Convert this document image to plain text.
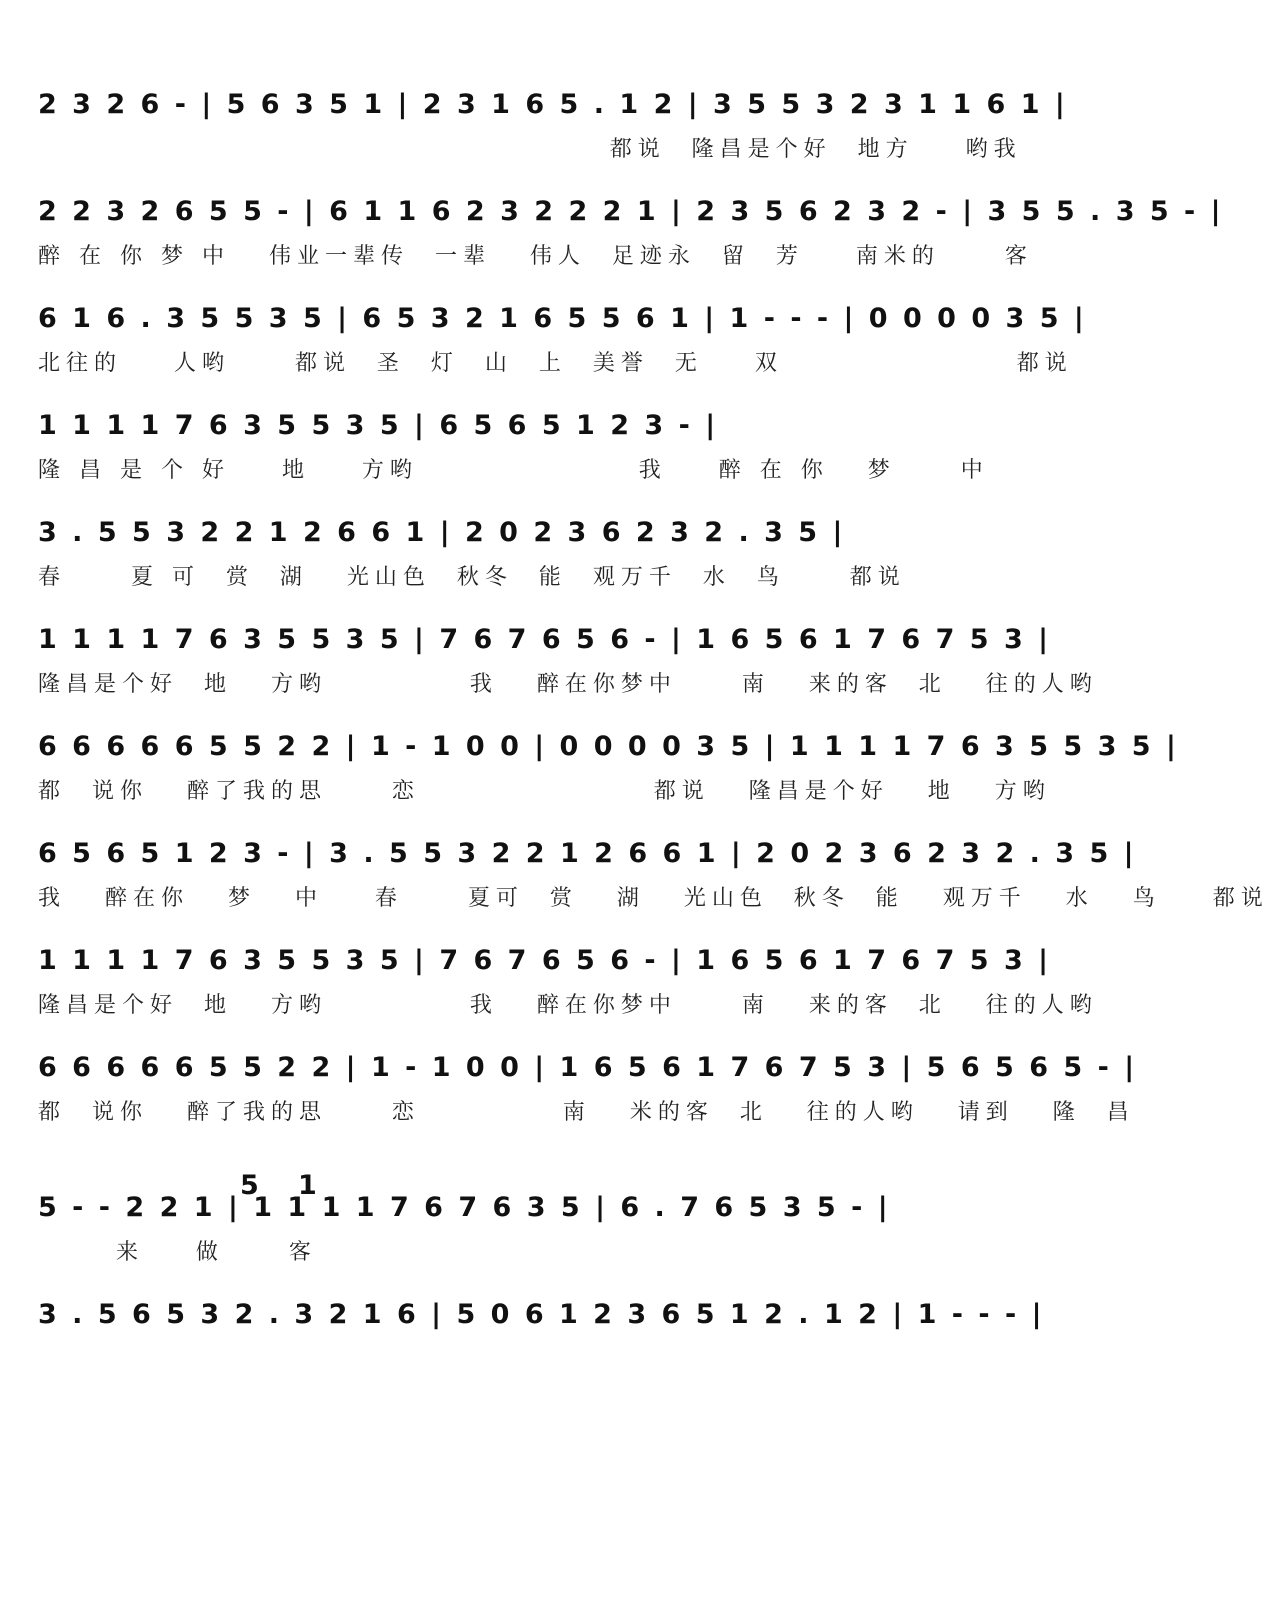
2 3 2 6 - | 5 6 3 5 1 | 2 3 1 6 5 . 1 2 | 3 5 5 3 2 3 1 1 6 1 |
都说  隆昌是个好  地方    哟我
2 2 3 2 6 5 5 - | 6 1 1 6 2 3 2 2 2 1 | 2 3 5 6 2 3 2 - | 3 5 5 . 3 5 - |
醉 在 你 梦 中   伟业一辈传  一辈   伟人  足迹永  留  芳    南米的     客
6 1 6 . 3 5 5 3 5 | 6 5 3 2 1 6 5 5 6 1 | 1 - - - | 0 0 0 0 3 5 |
北往的    人哟     都说  圣  灯  山  上  美誉  无    双                  都说
1 1 1 1 7 6 3 5 5 3 5 | 6 5 6 5 1 2 3 - |
隆 昌 是 个 好    地    方哟                 我    醉 在 你   梦     中
3 . 5 5 3 2 2 1 2 6 6 1 | 2 0 2 3 6 2 3 2 . 3 5 |
春     夏 可  赏  湖   光山色  秋冬  能  观万千  水  鸟     都说
1 1 1 1 7 6 3 5 5 3 5 | 7 6 7 6 5 6 - | 1 6 5 6 1 7 6 7 5 3 |
隆昌是个好  地   方哟           我   醉在你梦中     南   来的客  北   往的人哟
6 6 6 6 6 5 5 2 2 | 1 - 1 0 0 | 0 0 0 0 3 5 | 1 1 1 1 7 6 3 5 5 3 5 |
都  说你   醉了我的思     恋                  都说   隆昌是个好   地   方哟
6 5 6 5 1 2 3 - | 3 . 5 5 3 2 2 1 2 6 6 1 | 2 0 2 3 6 2 3 2 . 3 5 |
我   醉在你   梦   中    春     夏可  赏   湖   光山色  秋冬  能   观万千   水   鸟    都说
1 1 1 1 7 6 3 5 5 3 5 | 7 6 7 6 5 6 - | 1 6 5 6 1 7 6 7 5 3 |
隆昌是个好  地   方哟           我   醉在你梦中     南   来的客  北   往的人哟
6 6 6 6 6 5 5 2 2 | 1 - 1 0 0 | 1 6 5 6 1 7 6 7 5 3 | 5 6 5 6 5 - |
都  说你   醉了我的思     恋           南   米的客  北   往的人哟   请到   隆  昌
5 1
5 - - 2 2 1 | 1 1 1 1 7 6 7 6 3 5 | 6 . 7 6 5 3 5 - |
来    做     客
3 . 5 6 5 3 2 . 3 2 1 6 | 5 0 6 1 2 3 6 5 1 2 . 1 2 | 1 - - - |
